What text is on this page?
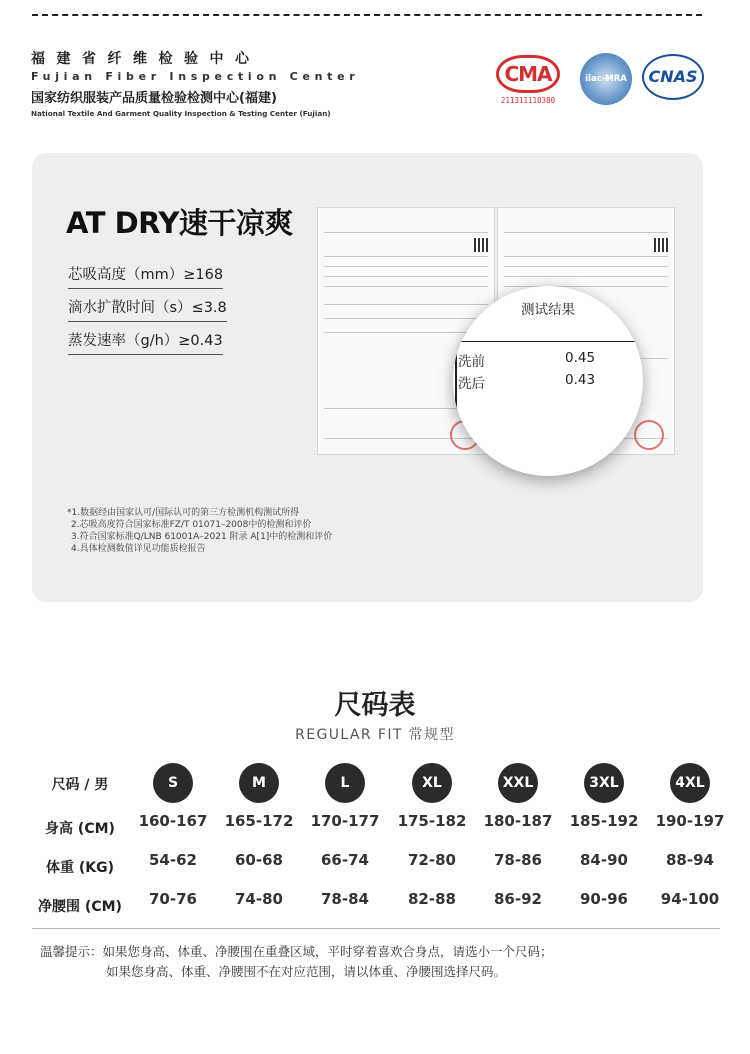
福建省纤维检验中心
Fujian Fiber Inspection Center
国家纺织服装产品质量检验检测中心(福建)
National Textile And Garment Quality Inspection & Testing Center (Fujian)
CMA
211311110380
ilac-MRA	CNAS
AT DRY速干凉爽
芯吸高度（mm）≥168
滴水扩散时间（s）≤3.8
蒸发速率（g/h）≥0.43
测试结果
洗前	0.45
洗后	0.43
*1.数据经由国家认可/国际认可的第三方检测机构测试所得
2.芯吸高度符合国家标准FZ/T 01071–2008中的检测和评价
3.符合国家标准Q/LNB 61001A–2021 附录 A[1]中的检测和评价
4.具体检测数值详见功能质检报告
尺码表
REGULAR FIT 常规型
尺码 / 男	S	M	L	XL	XXL	3XL	4XL
身高 (CM)	160-167	165-172	170-177	175-182	180-187	185-192	190-197
体重 (KG)	54-62	60-68	66-74	72-80	78-86	84-90	88-94
净腰围 (CM)	70-76	74-80	78-84	82-88	86-92	90-96	94-100
温馨提示：如果您身高、体重、净腰围在重叠区域，平时穿着喜欢合身点，请选小一个尺码；
如果您身高、体重、净腰围不在对应范围，请以体重、净腰围选择尺码。
